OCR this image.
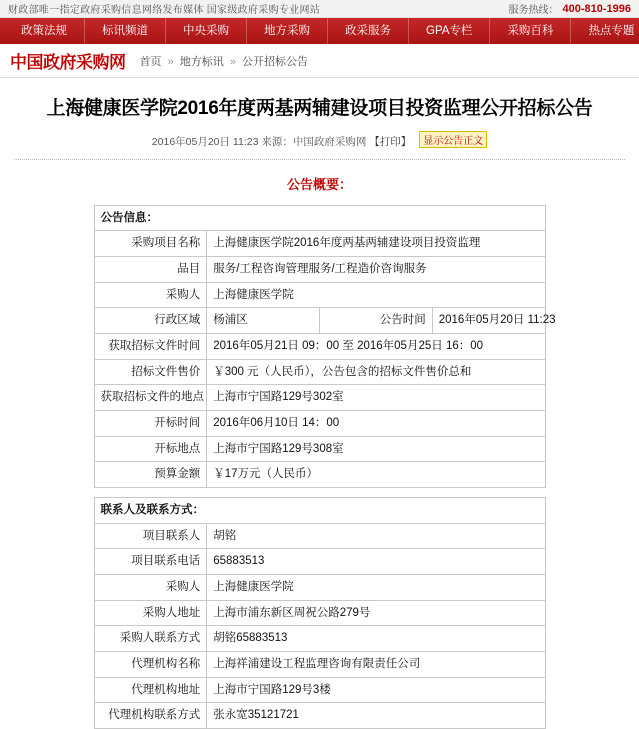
财政部唯一指定政府采购信息网络发布媒体 国家级政府采购专业网站	服务热线： 400-810-1996
政策法规	标讯频道	中央采购	地方采购	政采服务	GPA专栏	采购百科	热点专题
中国政府采购网 首页 » 地方标讯 » 公开招标公告
上海健康医学院2016年度两基两辅建设项目投资监理公开招标公告
2016年05月20日 11:23 来源：中国政府采购网 【打印】 显示公告正文
公告概要：
公告信息：			
采购项目名称	上海健康医学院2016年度两基两辅建设项目投资监理		
品目	服务/工程咨询管理服务/工程造价咨询服务		
采购人	上海健康医学院		
行政区域	杨浦区	公告时间	2016年05月20日 11:23
获取招标文件时间	2016年05月21日 09：00 至 2016年05月25日 16：00		
招标文件售价	￥300 元（人民币），公告包含的招标文件售价总和		
获取招标文件的地点	上海市宁国路129号302室		
开标时间	2016年06月10日 14：00		
开标地点	上海市宁国路129号308室		
预算金额	￥17万元（人民币）		

联系人及联系方式：			
项目联系人	胡铭		
项目联系电话	65883513		
采购人	上海健康医学院		
采购人地址	上海市浦东新区周祝公路279号		
采购人联系方式	胡铭65883513		
代理机构名称	上海祥浦建设工程监理咨询有限责任公司		
代理机构地址	上海市宁国路129号3楼		
代理机构联系方式	张永宽35121721		
